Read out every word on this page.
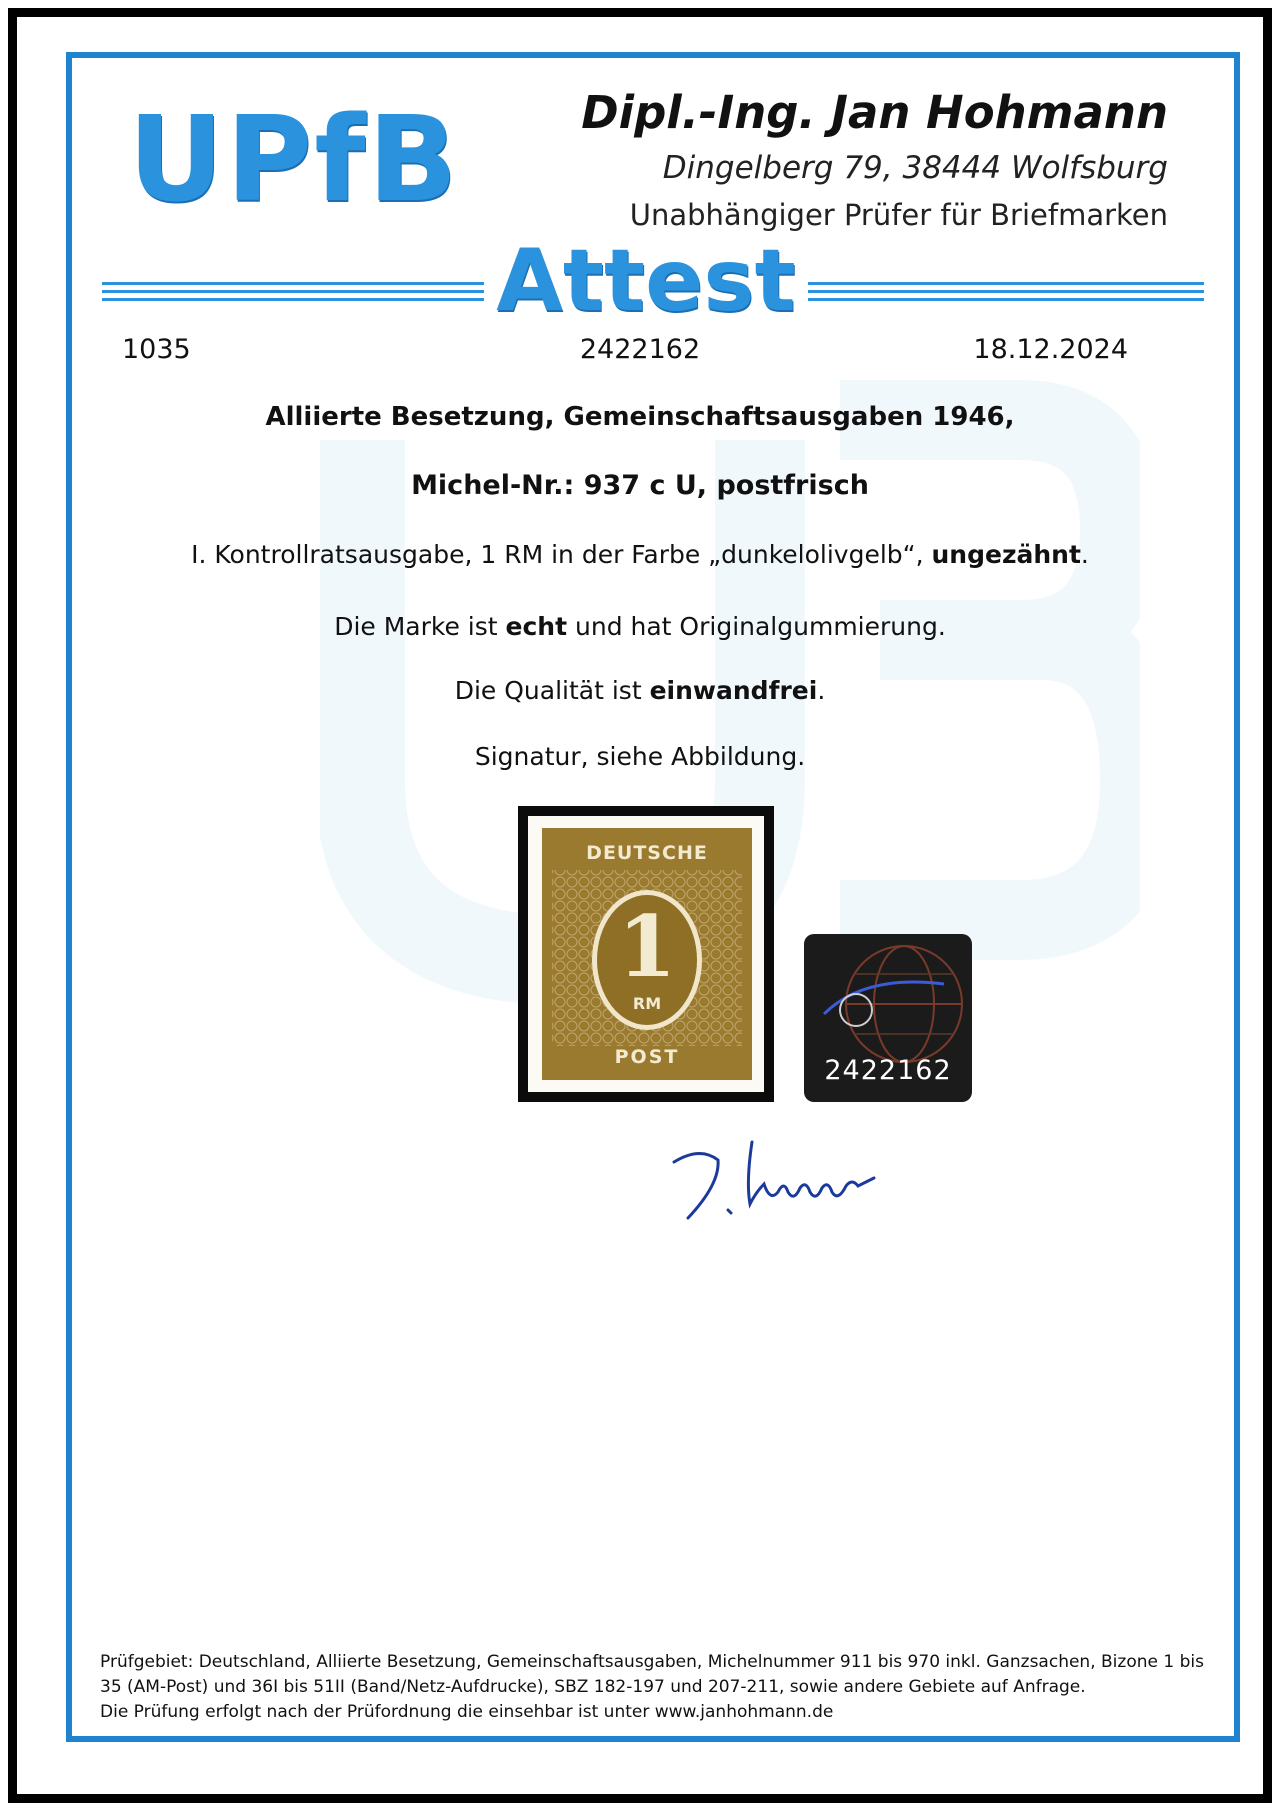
UPfB	Dipl.-Ing. Jan Hohmann
Dingelberg 79, 38444 Wolfsburg
Unabhängiger Prüfer für Briefmarken
Attest
1035	2422162	18.12.2024
Alliierte Besetzung, Gemeinschaftsausgaben 1946,
Michel-Nr.: 937 c U, postfrisch
I. Kontrollratsausgabe, 1 RM in der Farbe „dunkelolivgelb“, ungezähnt.
Die Marke ist echt und hat Originalgummierung.
Die Qualität ist einwandfrei.
Signatur, siehe Abbildung.
DEUTSCHE
1
RM
POST	2422162
Prüfgebiet: Deutschland, Alliierte Besetzung, Gemeinschaftsausgaben, Michelnummer 911 bis 970 inkl. Ganzsachen, Bizone 1 bis
35 (AM-Post) und 36I bis 51II (Band/Netz-Aufdrucke), SBZ 182-197 und 207-211, sowie andere Gebiete auf Anfrage.
Die Prüfung erfolgt nach der Prüfordnung die einsehbar ist unter www.janhohmann.de
